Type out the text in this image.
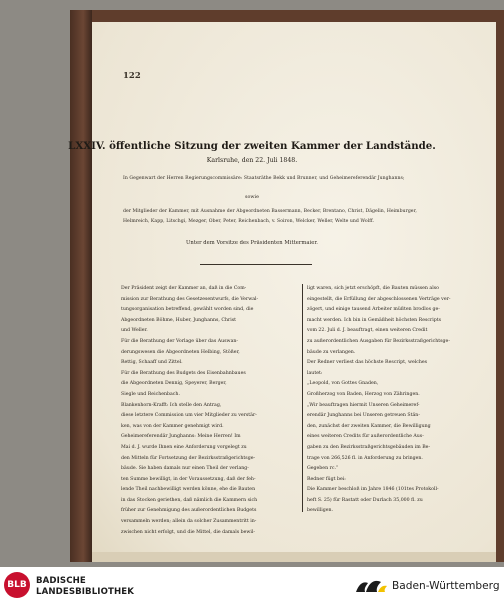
122
LXXIV. öffentliche Sitzung der zweiten Kammer der Landstände.
Karlsruhe, den 22. Juli 1848.
In Gegenwart der Herren Regierungscommissäre: Staatsräthe Bekk und Brunner, und Geheimereferendär Junghanns;
sowie
der Mitglieder der Kammer, mit Ausnahme der Abgeordneten Bassermann, Becker, Brentano, Christ, Dägelin, Heimburger,
Helmreich, Kapp, Litschgi, Mezger, Ober, Peter, Reichenbach, v. Soiron, Welcker, Weller, Welte und Wolff.
Unter dem Vorsitze des Präsidenten Mittermaier.
Der Präsident zeigt der Kammer an, daß in die Com-
mission zur Berathung des Gesetzesentwurfs, die Verwal-
tungsorganisation betreffend, gewählt worden sind, die
Abgeordneten Böhme, Huber, Junghanns, Christ
und Weller.
Für die Berathung der Vorlage über das Auswan-
derungswesen die Abgeordneten Helbing, Stößer,
Rettig, Schaaff und Zittel.
Für die Berathung des Budgets des Eisenbahnbaues
die Abgeordneten Dennig, Speyerer, Berger,
Siegle und Reichenbach.
Blankenhorn-Krafft: Ich stelle den Antrag,
diese letztere Commission um vier Mitglieder zu verstär-
ken, was von der Kammer genehmigt wird.
Geheimereferendär Junghanns: Meine Herren! Im
Mai d. J. wurde Ihnen eine Anforderung vorgelegt zu
den Mitteln für Fortsetzung der Bezirksstraßgerichtsge-
bäude. Sie haben damals nur einen Theil der verlang-
ten Summe bewilligt, in der Voraussetzung, daß der feh-
lende Theil nachbewilligt werden könne, ehe die Bauten
in das Stocken geriethen, daß nämlich die Kammern sich
früher zur Genehmigung des außerordentlichen Budgets
versammeln werden; allein da solcher Zusammentritt in-
zwischen nicht erfolgt, und die Mittel, die damals bewil-
ligt waren, sich jetzt erschöpft, die Bauten müssen also
eingestellt, die Erfüllung der abgeschlossenen Verträge ver-
zögert, und einige tausend Arbeiter müßten brodlos ge-
macht werden. Ich bin in Gemäßheit höchsten Rescripts
vom 22. Juli d. J. beauftragt, einen weiteren Credit
zu außerordentlichen Ausgaben für Bezirksstraßgerichtsge-
bäude zu verlangen.
Der Redner verliest das höchste Rescript, welches
lautet:
„Leopold, von Gottes Gnaden,
Großherzog von Baden, Herzog von Zähringen.
„Wir beauftragen hiermit Unseren Geheimeref-
erendär Junghanns bei Unseren getreuen Stän-
den, zunächst der zweiten Kammer, die Bewilligung
eines weiteren Credits für außerordentliche Aus-
gaben zu den Bezirksstraßgerichtsgebäuden im Be-
trage von 266,526 fl. in Anforderung zu bringen.
Gegeben rc.“
Redner fügt bei:
Die Kammer beschloß im Jahre 1846 (101tes Protokoll-
heft S. 25) für Rastatt oder Durlach 35,000 fl. zu
bewilligen.
BLB	BADISCHE
LANDESBIBLIOTHEK	Baden-Württemberg
